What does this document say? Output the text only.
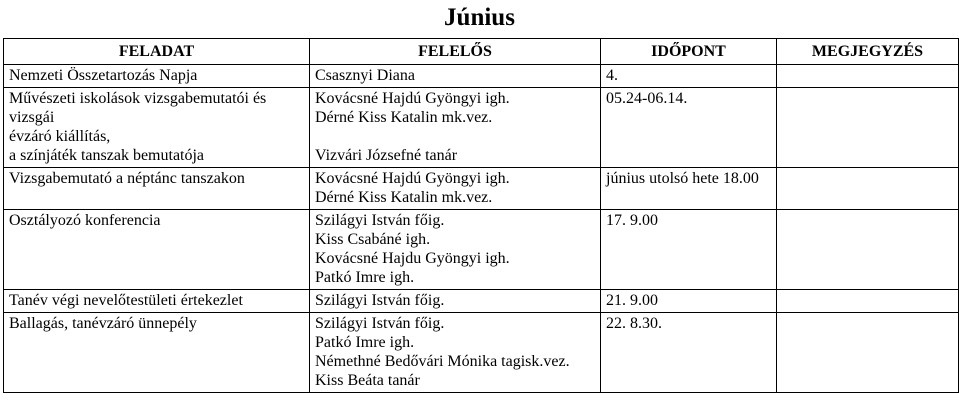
Június
FELADAT	FELELŐS	IDŐPONT	MEGJEGYZÉS

Nemzeti Összetartozás Napja	Csasznyi Diana	4.	

Művészeti iskolások vizsgabemutatói és vizsgái
évzáró kiállítás,
a színjáték tanszak bemutatója	Kovácsné Hajdú Gyöngyi igh.
Dérné Kiss Katalin mk.vez.
Vizvári Józsefné tanár	05.24-06.14.	

Vizsgabemutató a néptánc tanszakon	Kovácsné Hajdú Gyöngyi igh.
Dérné Kiss Katalin mk.vez.	június utolsó hete 18.00	

Osztályozó konferencia	Szilágyi István főig.
Kiss Csabáné igh.
Kovácsné Hajdu Gyöngyi igh.
Patkó Imre igh.	17. 9.00	

Tanév végi nevelőtestületi értekezlet	Szilágyi István főig.	21. 9.00	

Ballagás, tanévzáró ünnepély	Szilágyi István főig.
Patkó Imre igh.
Némethné Bedővári Mónika tagisk.vez.
Kiss Beáta tanár	22. 8.30.	
